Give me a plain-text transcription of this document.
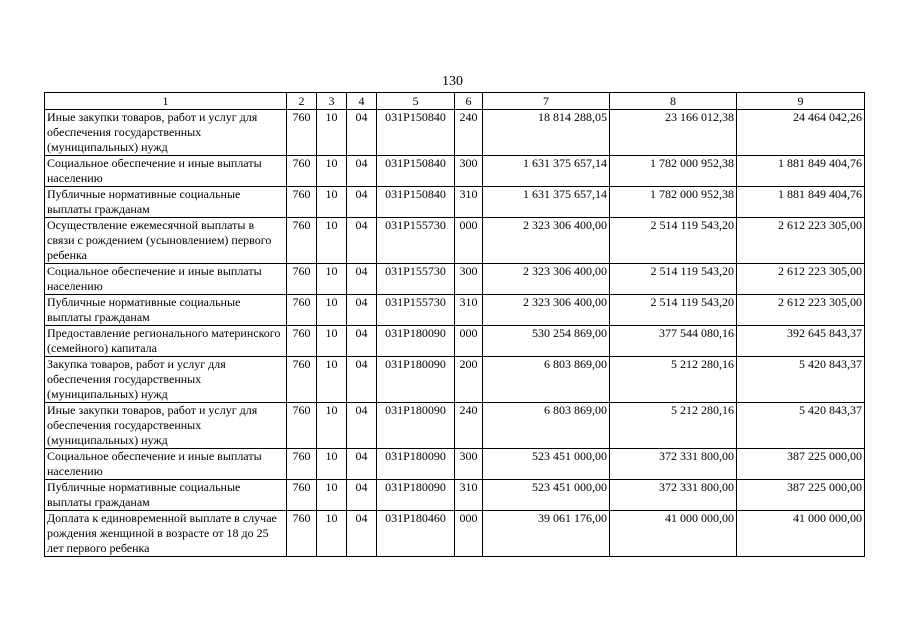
130
1	2	3	4	5	6	7	8	9
Иные закупки товаров, работ и услуг для обеспечения государственных (муниципальных) нужд	760	10	04	031P150840	240	18 814 288,05	23 166 012,38	24 464 042,26
Социальное обеспечение и иные выплаты населению	760	10	04	031P150840	300	1 631 375 657,14	1 782 000 952,38	1 881 849 404,76
Публичные нормативные социальные выплаты гражданам	760	10	04	031P150840	310	1 631 375 657,14	1 782 000 952,38	1 881 849 404,76
Осуществление ежемесячной выплаты в связи с рождением (усыновлением) первого ребенка	760	10	04	031P155730	000	2 323 306 400,00	2 514 119 543,20	2 612 223 305,00
Социальное обеспечение и иные выплаты населению	760	10	04	031P155730	300	2 323 306 400,00	2 514 119 543,20	2 612 223 305,00
Публичные нормативные социальные выплаты гражданам	760	10	04	031P155730	310	2 323 306 400,00	2 514 119 543,20	2 612 223 305,00
Предоставление регионального материнского (семейного) капитала	760	10	04	031P180090	000	530 254 869,00	377 544 080,16	392 645 843,37
Закупка товаров, работ и услуг для обеспечения государственных (муниципальных) нужд	760	10	04	031P180090	200	6 803 869,00	5 212 280,16	5 420 843,37
Иные закупки товаров, работ и услуг для обеспечения государственных (муниципальных) нужд	760	10	04	031P180090	240	6 803 869,00	5 212 280,16	5 420 843,37
Социальное обеспечение и иные выплаты населению	760	10	04	031P180090	300	523 451 000,00	372 331 800,00	387 225 000,00
Публичные нормативные социальные выплаты гражданам	760	10	04	031P180090	310	523 451 000,00	372 331 800,00	387 225 000,00
Доплата к единовременной выплате в случае рождения женщиной в возрасте от 18 до 25 лет первого ребенка	760	10	04	031P180460	000	39 061 176,00	41 000 000,00	41 000 000,00
